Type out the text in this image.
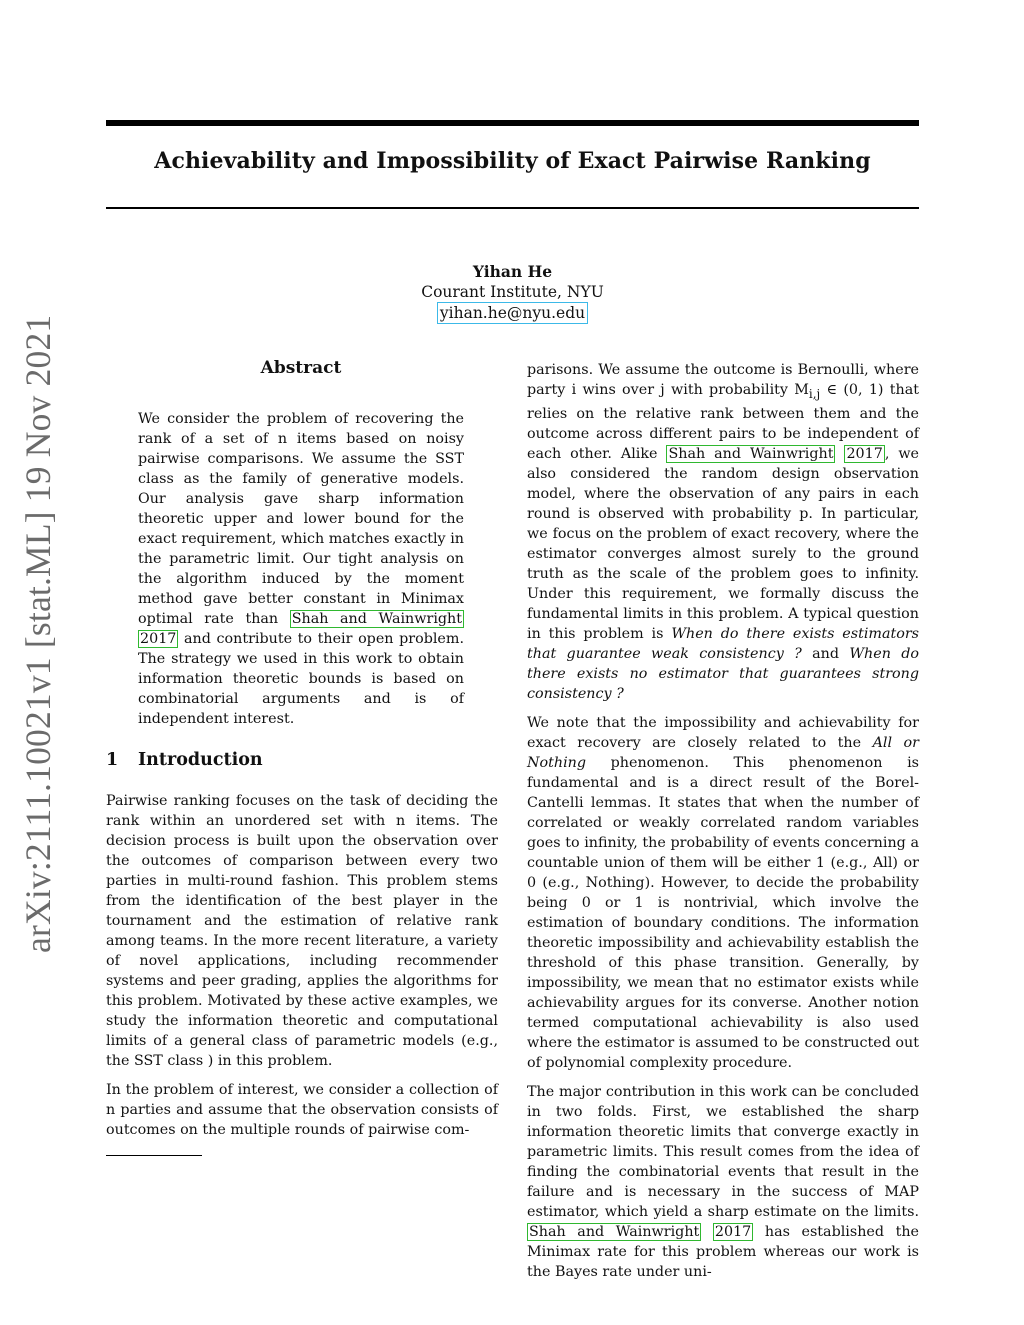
Achievability and Impossibility of Exact Pairwise Ranking
Yihan He
Courant Institute, NYU
yihan.he@nyu.edu
arXiv:2111.10021v1 [stat.ML] 19 Nov 2021	Abstract
We consider the problem of recovering the rank of a set of n items based on noisy pairwise comparisons. We assume the SST class as the family of generative models. Our analysis gave sharp information theoretic upper and lower bound for the exact requirement, which matches exactly in the parametric limit. Our tight analysis on the algorithm induced by the moment method gave better constant in Minimax optimal rate than Shah and Wainwright 2017 and contribute to their open problem. The strategy we used in this work to obtain information theoretic bounds is based on combinatorial arguments and is of independent interest.
1 Introduction

Pairwise ranking focuses on the task of deciding the rank within an unordered set with n items. The decision process is built upon the observation over the outcomes of comparison between every two parties in multi-round fashion. This problem stems from the identification of the best player in the tournament and the estimation of relative rank among teams. In the more recent literature, a variety of novel applications, including recommender systems and peer grading, applies the algorithms for this problem. Motivated by these active examples, we study the information theoretic and computational limits of a general class of parametric models (e.g., the SST class ) in this problem.

In the problem of interest, we consider a collection of n parties and assume that the observation consists of outcomes on the multiple rounds of pairwise com-

parisons. We assume the outcome is Bernoulli, where party i wins over j with probability $M_{i,j}$ ∈ (0, 1) that relies on the relative rank between them and the outcome across different pairs to be independent of each other. Alike Shah and Wainwright 2017 , we also considered the random design observation model, where the observation of any pairs in each round is observed with probability p. In particular, we focus on the problem of exact recovery, where the estimator converges almost surely to the ground truth as the scale of the problem goes to infinity. Under this requirement, we formally discuss the fundamental limits in this problem. A typical question in this problem is When do there exists estimators that guarantee weak consistency ? and When do there exists no estimator that guarantees strong consistency ?

We note that the impossibility and achievability for exact recovery are closely related to the All or Nothing phenomenon. This phenomenon is fundamental and is a direct result of the Borel-Cantelli lemmas. It states that when the number of correlated or weakly correlated random variables goes to infinity, the probability of events concerning a countable union of them will be either 1 (e.g., All) or 0 (e.g., Nothing). However, to decide the probability being 0 or 1 is nontrivial, which involve the estimation of boundary conditions. The information theoretic impossibility and achievability establish the threshold of this phase transition. Generally, by impossibility, we mean that no estimator exists while achievability argues for its converse. Another notion termed computational achievability is also used where the estimator is assumed to be constructed out of polynomial complexity procedure.

The major contribution in this work can be concluded in two folds. First, we established the sharp information theoretic limits that converge exactly in parametric limits. This result comes from the idea of finding the combinatorial events that result in the failure and is necessary in the success of MAP estimator, which yield a sharp estimate on the limits. Shah and Wainwright 2017 has established the Minimax rate for this problem whereas our work is the Bayes rate under uni-
